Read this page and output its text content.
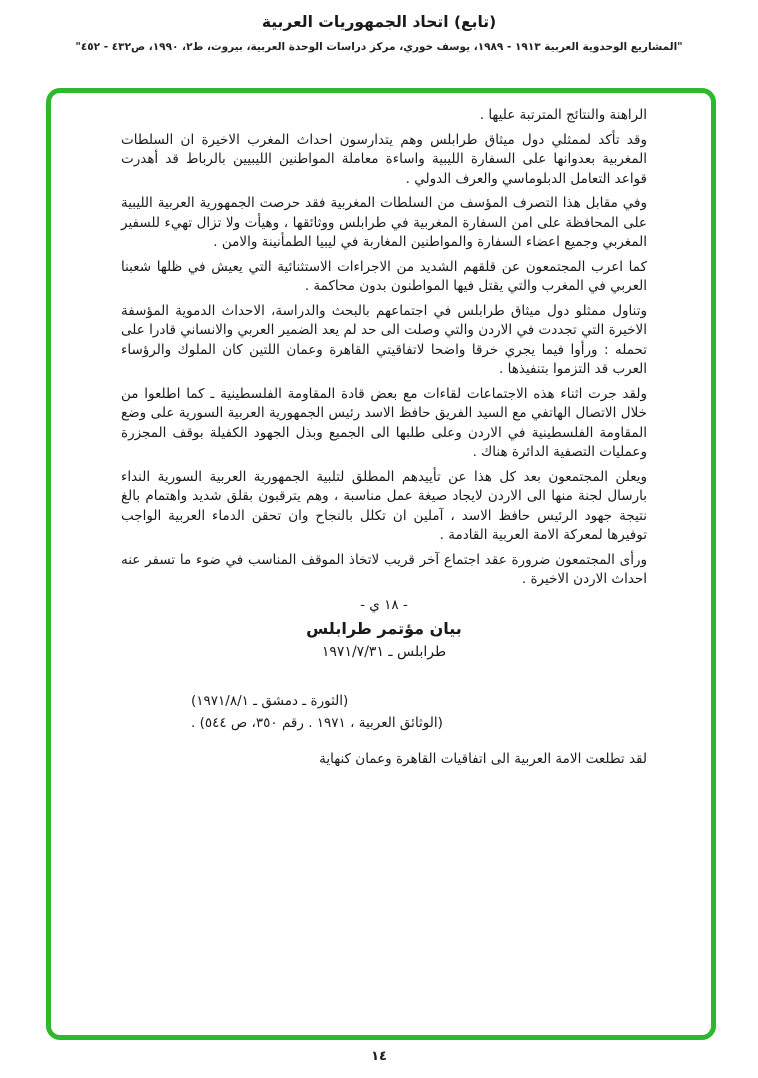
(تابع) اتحاد الجمهوريات العربية
"المشاريع الوحدوية العربية ١٩١٣ - ١٩٨٩، يوسف خوري، مركز دراسات الوحدة العربية، بيروت، ط٢، ١٩٩٠، ص٤٣٢ - ٤٥٢"

الراهنة والنتائج المترتبة عليها .

وقد تأكد لممثلي دول ميثاق طرابلس وهم يتدارسون احداث المغرب الاخيرة ان السلطات المغربية بعدوانها على السفارة الليبية واساءة معاملة المواطنين الليبيين بالرباط قد أهدرت قواعد التعامل الدبلوماسي والعرف الدولي .

وفي مقابل هذا التصرف المؤسف من السلطات المغربية فقد حرصت الجمهورية العربية الليبية على المحافظة على امن السفارة المغربية في طرابلس ووثائقها ، وهيأت ولا تزال تهيء للسفير المغربي وجميع اعضاء السفارة والمواطنين المغاربة في ليبيا الطمأنينة والامن .

كما اعرب المجتمعون عن قلقهم الشديد من الاجراءات الاستثنائية التي يعيش في ظلها شعبنا العربي في المغرب والتي يقتل فيها المواطنون بدون محاكمة .

وتناول ممثلو دول ميثاق طرابلس في اجتماعهم بالبحث والدراسة، الاحداث الدموية المؤسفة الاخيرة التي تجددت في الاردن والتي وصلت الى حد لم يعد الضمير العربي والانساني قادرا على تحمله : ورأوا فيما يجري خرقا واضحا لاتفاقيتي القاهرة وعمان اللتين كان الملوك والرؤساء العرب قد التزموا بتنفيذها .

ولقد جرت اثناء هذه الاجتماعات لقاءات مع بعض قادة المقاومة الفلسطينية ـ كما اطلعوا من خلال الاتصال الهاتفي مع السيد الفريق حافظ الاسد رئيس الجمهورية العربية السورية على وضع المقاومة الفلسطينية في الاردن وعلى طلبها الى الجميع وبذل الجهود الكفيلة بوقف المجزرة وعمليات التصفية الدائرة هناك .

ويعلن المجتمعون بعد كل هذا عن تأييدهم المطلق لتلبية الجمهورية العربية السورية النداء بارسال لجنة منها الى الاردن لايجاد صيغة عمل مناسبة ، وهم يترقبون بقلق شديد واهتمام بالغ نتيجة جهود الرئيس حافظ الاسد ، آملين ان تكلل بالنجاح وان تحقن الدماء العربية الواجب توفيرها لمعركة الامة العربية القادمة .

ورأى المجتمعون ضرورة عقد اجتماع آخر قريب لاتخاذ الموقف المناسب في ضوء ما تسفر عنه احداث الاردن الاخيرة .

- ١٨ ي -
بيان مؤتمر طرابلس
طرابلس ـ ١٩٧١/٧/٣١
(الثورة ـ دمشق ـ ١٩٧١/٨/١)
(الوثائق العربية ، ١٩٧١ . رقم ٣٥٠، ص ٥٤٤) .

لقد تطلعت الامة العربية الى اتفاقيات القاهرة وعمان كنهاية

١٤
